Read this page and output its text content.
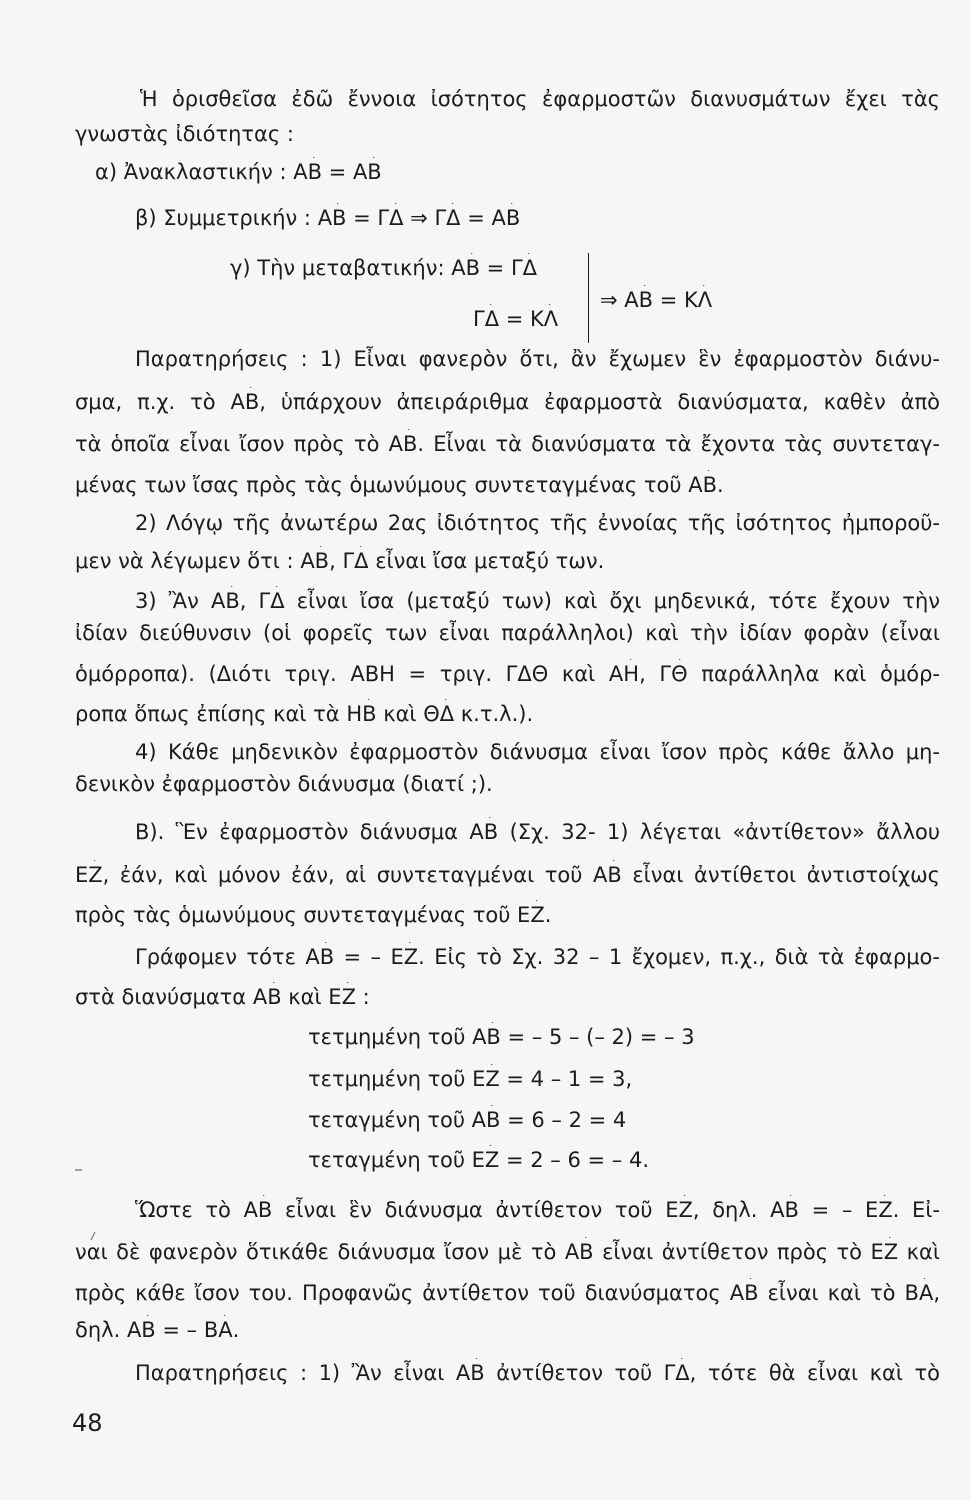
Ἡ ὁρισθεῖσα ἐδῶ ἔννοια ἰσότητος ἐφαρμοστῶν διανυσμάτων ἔχει τὰς
γνωστὰς ἰδιότητας :
α) Ἀνακλαστικήν : AB = AB
β) Συμμετρικήν : AB = ΓΔ ⇒ ΓΔ = AB
γ) Τὴν μεταβατικήν: AB = ΓΔ
⇒ AB = ΚΛ
ΓΔ = ΚΛ
Παρατηρήσεις : 1) Εἶναι φανερὸν ὅτι, ἂν ἔχωμεν ἓν ἐφαρμοστὸν διάνυ-
σμα, π.χ. τὸ AB, ὑπάρχουν ἀπειράριθμα ἐφαρμοστὰ διανύσματα, καθὲν ἀπὸ
τὰ ὁποῖα εἶναι ἴσον πρὸς τὸ AB. Εἶναι τὰ διανύσματα τὰ ἔχοντα τὰς συντεταγ-
μένας των ἴσας πρὸς τὰς ὁμωνύμους συντεταγμένας τοῦ AB.
2) Λόγῳ τῆς ἀνωτέρω 2ας ἰδιότητος τῆς ἐννοίας τῆς ἰσότητος ἠμποροῦ-
μεν νὰ λέγωμεν ὅτι : AB, ΓΔ εἶναι ἴσα μεταξύ των.
3) Ἂν AB, ΓΔ εἶναι ἴσα (μεταξύ των) καὶ ὄχι μηδενικά, τότε ἔχουν τὴν
ἰδίαν διεύθυνσιν (οἱ φορεῖς των εἶναι παράλληλοι) καὶ τὴν ἰδίαν φορὰν (εἶναι
ὁμόρροπα). (Διότι τριγ. ΑΒΗ = τριγ. ΓΔΘ καὶ AH, ΓΘ παράλληλα καὶ ὁμόρ-
ροπα ὅπως ἐπίσης καὶ τὰ HB καὶ ΘΔ κ.τ.λ.).
4) Κάθε μηδενικὸν ἐφαρμοστὸν διάνυσμα εἶναι ἴσον πρὸς κάθε ἄλλο μη-
δενικὸν ἐφαρμοστὸν διάνυσμα (διατί ;).
Β). Ἓν ἐφαρμοστὸν διάνυσμα AB (Σχ. 32- 1) λέγεται «ἀντίθετον» ἄλλου
EZ, ἐάν, καὶ μόνον ἐάν, αἱ συντεταγμέναι τοῦ AB εἶναι ἀντίθετοι ἀντιστοίχως
πρὸς τὰς ὁμωνύμους συντεταγμένας τοῦ EZ.
Γράφομεν τότε AB = – EZ. Εἰς τὸ Σχ. 32 – 1 ἔχομεν, π.χ., διὰ τὰ ἐφαρμο-
στὰ διανύσματα AB καὶ EZ :
τετμημένη τοῦ AB = – 5 – (– 2) = – 3
τετμημένη τοῦ EZ = 4 – 1 = 3,
τεταγμένη τοῦ AB = 6 – 2 = 4
τεταγμένη τοῦ EZ = 2 – 6 = – 4.
Ὥστε τὸ AB εἶναι ἓν διάνυσμα ἀντίθετον τοῦ EZ, δηλ. AB = – EZ. Εἰ-
ναι δὲ φανερὸν ὅτικάθε διάνυσμα ἴσον μὲ τὸ AB εἶναι ἀντίθετον πρὸς τὸ EZ καὶ
πρὸς κάθε ἴσον του. Προφανῶς ἀντίθετον τοῦ διανύσματος AB εἶναι καὶ τὸ BA,
δηλ. AB = – BA.
Παρατηρήσεις : 1) Ἂν εἶναι AB ἀντίθετον τοῦ ΓΔ, τότε θὰ εἶναι καὶ τὸ
48
